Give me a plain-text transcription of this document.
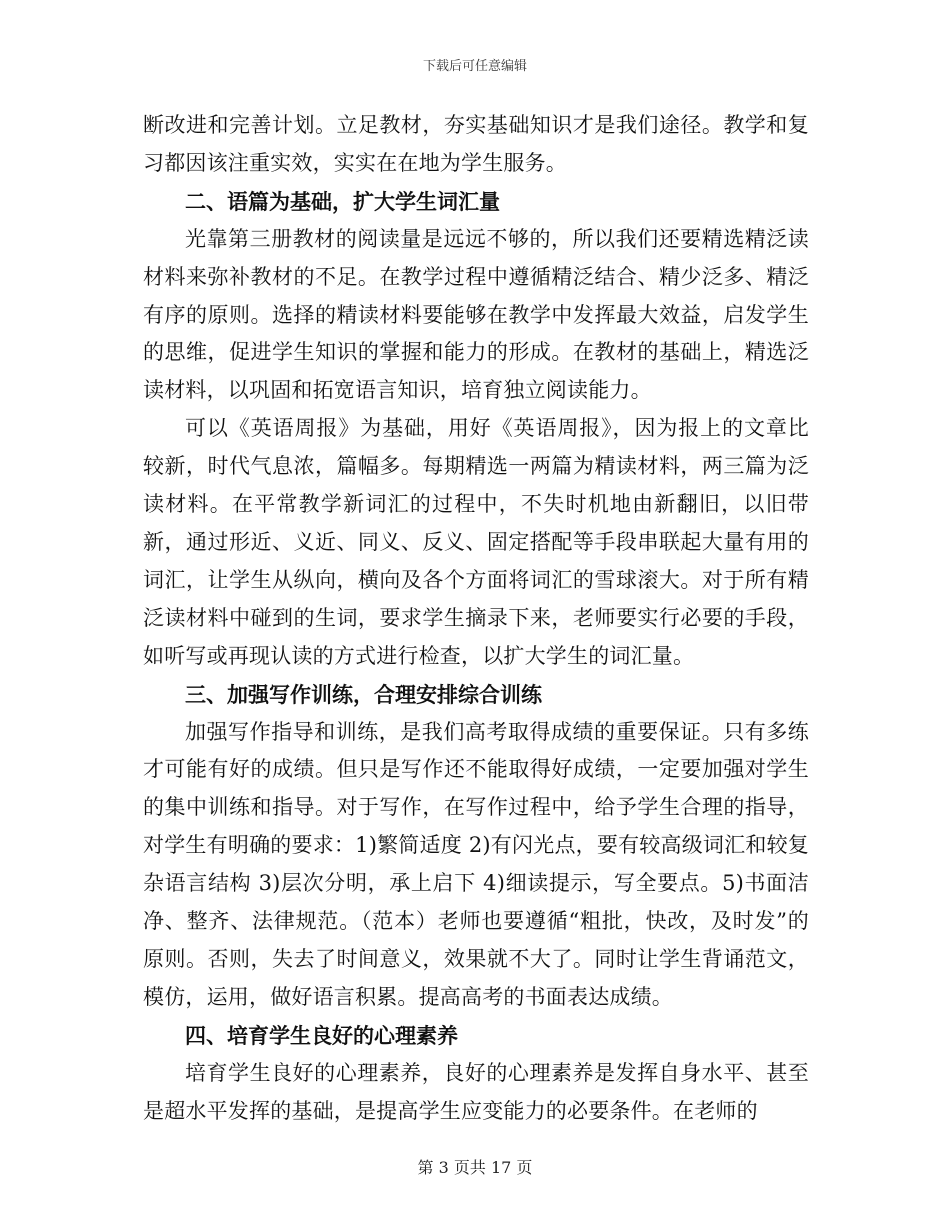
下载后可任意编辑

断改进和完善计划。立足教材，夯实基础知识才是我们途径。教学和复习都因该注重实效，实实在在地为学生服务。

二、语篇为基础，扩大学生词汇量

光靠第三册教材的阅读量是远远不够的，所以我们还要精选精泛读材料来弥补教材的不足。在教学过程中遵循精泛结合、精少泛多、精泛有序的原则。选择的精读材料要能够在教学中发挥最大效益，启发学生的思维，促进学生知识的掌握和能力的形成。在教材的基础上，精选泛读材料，以巩固和拓宽语言知识，培育独立阅读能力。

可以《英语周报》为基础，用好《英语周报》，因为报上的文章比较新，时代气息浓，篇幅多。每期精选一两篇为精读材料，两三篇为泛读材料。在平常教学新词汇的过程中，不失时机地由新翻旧，以旧带新，通过形近、义近、同义、反义、固定搭配等手段串联起大量有用的词汇，让学生从纵向，横向及各个方面将词汇的雪球滚大。对于所有精泛读材料中碰到的生词，要求学生摘录下来，老师要实行必要的手段，如听写或再现认读的方式进行检查，以扩大学生的词汇量。

三、加强写作训练，合理安排综合训练

加强写作指导和训练，是我们高考取得成绩的重要保证。只有多练才可能有好的成绩。但只是写作还不能取得好成绩，一定要加强对学生的集中训练和指导。对于写作，在写作过程中，给予学生合理的指导，对学生有明确的要求：1)繁简适度 2)有闪光点，要有较高级词汇和较复杂语言结构 3)层次分明，承上启下 4)细读提示，写全要点。5)书面洁净、整齐、法律规范。（范本）老师也要遵循“粗批，快改，及时发”的原则。否则，失去了时间意义，效果就不大了。同时让学生背诵范文，模仿，运用，做好语言积累。提高高考的书面表达成绩。

四、培育学生良好的心理素养

培育学生良好的心理素养，良好的心理素养是发挥自身水平、甚至是超水平发挥的基础，是提高学生应变能力的必要条件。在老师的

第 3 页共 17 页
